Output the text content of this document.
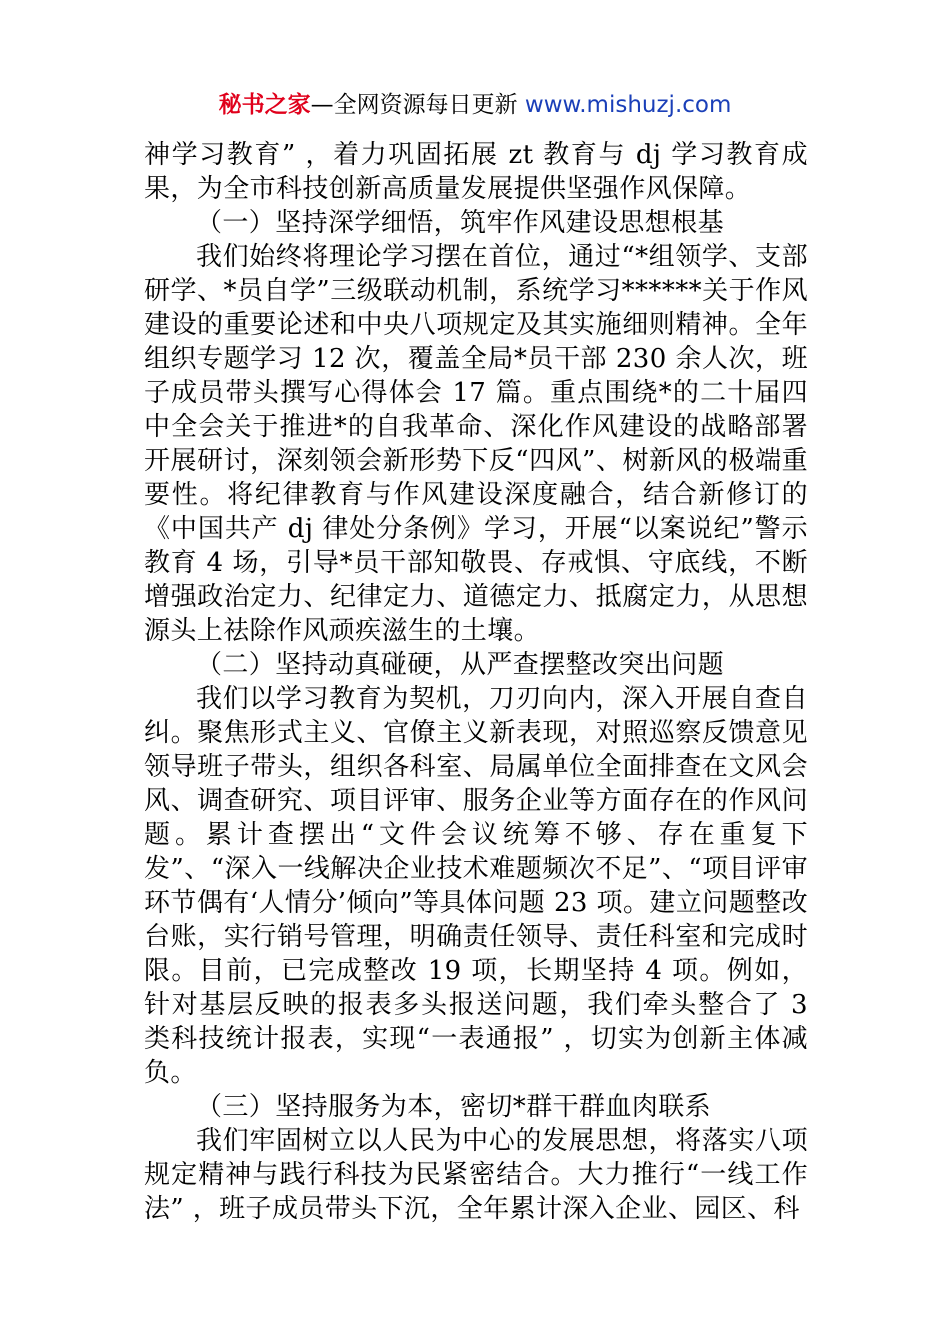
秘书之家—全网资源每日更新 www.mishuzj.com

神学习教育” ，着力巩固拓展 zt 教育与 dj 学习教育成果，为全市科技创新高质量发展提供坚强作风保障。

（一）坚持深学细悟，筑牢作风建设思想根基

我们始终将理论学习摆在首位，通过“*组领学、支部研学、*员自学”三级联动机制，系统学习******关于作风建设的重要论述和中央八项规定及其实施细则精神。全年组织专题学习 12 次，覆盖全局*员干部 230 余人次，班子成员带头撰写心得体会 17 篇。重点围绕*的二十届四中全会关于推进*的自我革命、深化作风建设的战略部署开展研讨，深刻领会新形势下反“四风”、树新风的极端重要性。将纪律教育与作风建设深度融合，结合新修订的《中国共产 dj 律处分条例》学习，开展“以案说纪”警示教育 4 场，引导*员干部知敬畏、存戒惧、守底线，不断增强政治定力、纪律定力、道德定力、抵腐定力，从思想源头上祛除作风顽疾滋生的土壤。

（二）坚持动真碰硬，从严查摆整改突出问题

我们以学习教育为契机，刀刃向内，深入开展自查自纠。聚焦形式主义、官僚主义新表现，对照巡察反馈意见领导班子带头，组织各科室、局属单位全面排查在文风会风、调查研究、项目评审、服务企业等方面存在的作风问题。累计查摆出“文件会议统筹不够、存在重复下发”、“深入一线解决企业技术难题频次不足”、“项目评审环节偶有‘人情分’倾向”等具体问题 23 项。建立问题整改台账，实行销号管理，明确责任领导、责任科室和完成时限。目前，已完成整改 19 项，长期坚持 4 项。例如，针对基层反映的报表多头报送问题，我们牵头整合了 3 类科技统计报表，实现“一表通报” ，切实为创新主体减负。

（三）坚持服务为本，密切*群干群血肉联系

我们牢固树立以人民为中心的发展思想，将落实八项规定精神与践行科技为民紧密结合。大力推行“一线工作法” ，班子成员带头下沉，全年累计深入企业、园区、科
